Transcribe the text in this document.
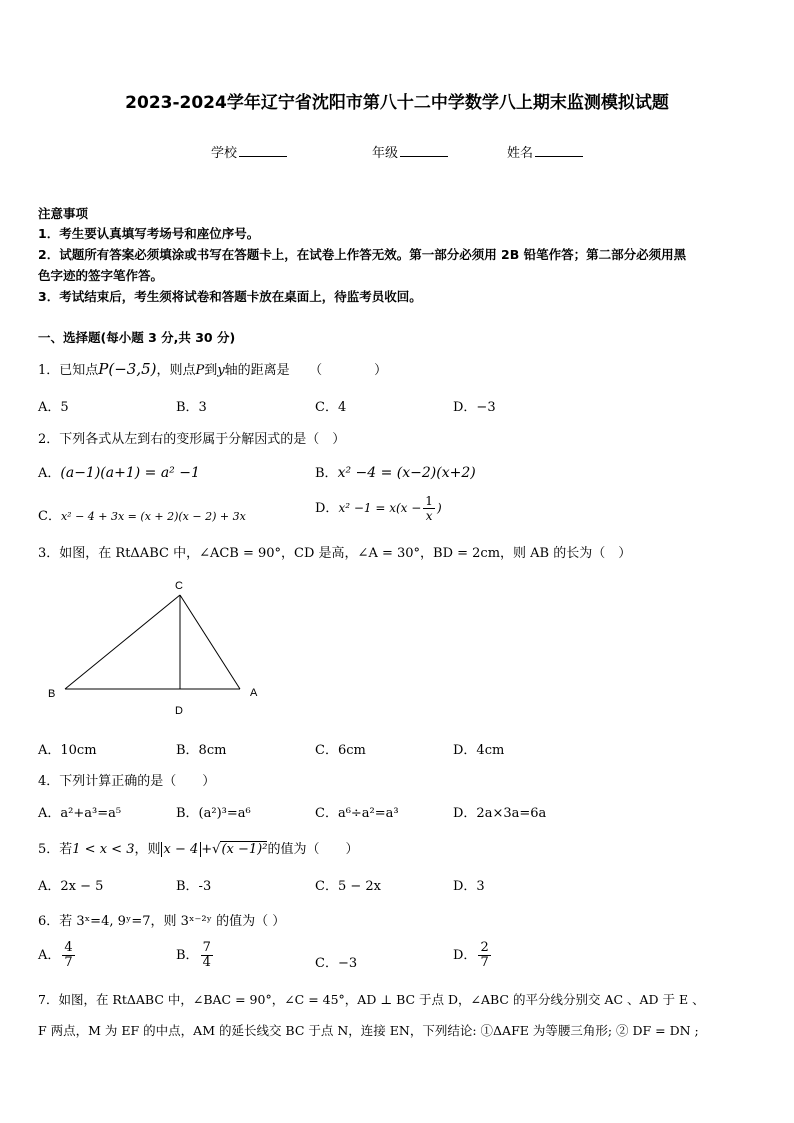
2023-2024学年辽宁省沈阳市第八十二中学数学八上期末监测模拟试题
学校	年级	姓名
注意事项
1．考生要认真填写考场号和座位序号。
2．试题所有答案必须填涂或书写在答题卡上，在试卷上作答无效。第一部分必须用 2B 铅笔作答；第二部分必须用黑
色字迹的签字笔作答。
3．考试结束后，考生须将试卷和答题卡放在桌面上，待监考员收回。
一、选择题(每小题 3 分,共 30 分)
1．已知点P(−3,5)，则点P到y轴的距离是　　（　　　　）
A．5	B．3	C．4	D．−3
2．下列各式从左到右的变形属于分解因式的是（　）
A．(a−1)(a+1) = a² −1	B．x² −4 = (x−2)(x+2)
C．x² − 4 + 3x = (x + 2)(x − 2) + 3x
D．$x^2 -1 = x(x - \frac{1}{x}$ )
3．如图，在 RtΔABC 中，∠ACB = 90°，CD 是高，∠A = 30°，BD = 2cm，则 AB 的长为（　）
C
B	A
D
A．10cm	B．8cm	C．6cm	D．4cm
4．下列计算正确的是（　　）
A．a²+a³=a⁵	B．(a²)³=a⁶	C．a⁶÷a²=a³	D．2a×3a=6a
5．若1 < x < 3，则 x − 4 +√(x −1)²的值为（　　）
A．2x − 5	B．-3	C．5 − 2x	D．3
6．若 3ˣ=4, 9ʸ=7，则 3ˣ⁻²ʸ 的值为（ ）
A． $\frac{4}{7}$	B． $\frac{7}{4}$	C．−3
D． $\frac{2}{7}$
7．如图，在 RtΔABC 中，∠BAC = 90°，∠C = 45°，AD ⊥ BC 于点 D，∠ABC 的平分线分别交 AC 、AD 于 E 、
F 两点，M 为 EF 的中点，AM 的延长线交 BC 于点 N，连接 EN，下列结论: ①ΔAFE 为等腰三角形; ② DF = DN ;
